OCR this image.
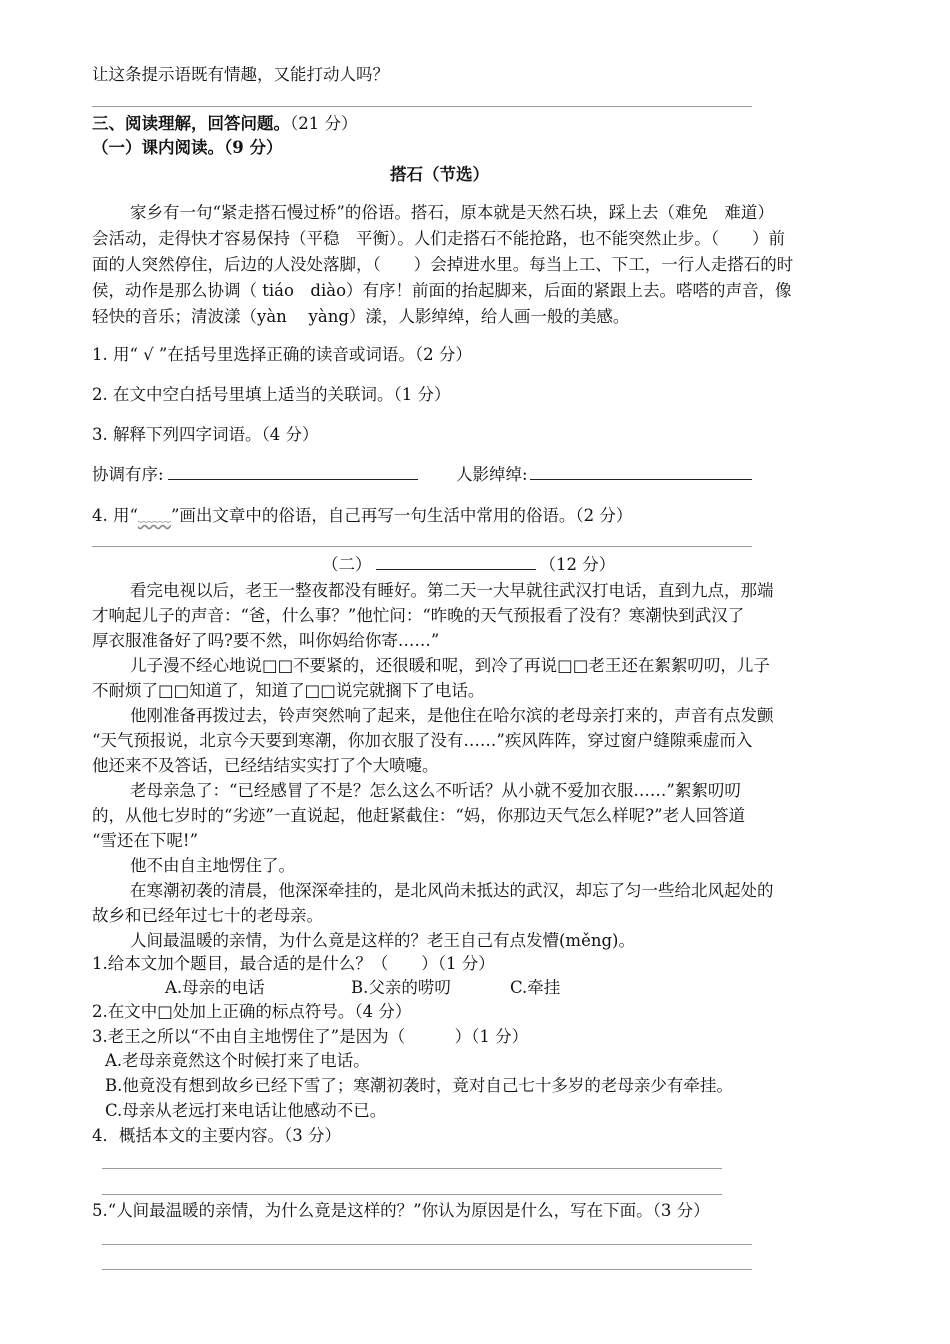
让这条提示语既有情趣，又能打动人吗？
三、阅读理解，回答问题。（21 分）
（一）课内阅读。（9 分）
搭石（节选）
家乡有一句“紧走搭石慢过桥”的俗语。搭石，原本就是天然石块，踩上去（难免　难道）
会活动，走得快才容易保持（平稳　平衡）。人们走搭石不能抢路，也不能突然止步。（　　）前
面的人突然停住，后边的人没处落脚，（　　）会掉进水里。每当上工、下工，一行人走搭石的时
侯，动作是那么协调（ tiáo　diào）有序！前面的抬起脚来，后面的紧跟上去。嗒嗒的声音，像
轻快的音乐；清波漾（yàn　 yàng）漾，人影绰绰，给人画一般的美感。
1. 用“ √ ”在括号里选择正确的读音或词语。（2 分）
2. 在文中空白括号里填上适当的关联词。（1 分）
3. 解释下列四字词语。（4 分）
协调有序:	人影绰绰:
4. 用“﹏﹏”画出文章中的俗语，自己再写一句生活中常用的俗语。（2 分）
（二）	（12 分）
看完电视以后，老王一整夜都没有睡好。第二天一大早就往武汉打电话，直到九点，那端
才响起儿子的声音：“爸，什么事？”他忙问：“昨晚的天气预报看了没有？寒潮快到武汉了
厚衣服准备好了吗?要不然，叫你妈给你寄……”
儿子漫不经心地说□□不要紧的，还很暖和呢，到冷了再说□□老王还在絮絮叨叨，儿子
不耐烦了□□知道了，知道了□□说完就搁下了电话。
他刚准备再拨过去，铃声突然响了起来，是他住在哈尔滨的老母亲打来的，声音有点发颤
“天气预报说，北京今天要到寒潮，你加衣服了没有……”疾风阵阵，穿过窗户缝隙乘虚而入
他还来不及答话，已经结结实实打了个大喷嚏。
老母亲急了：“已经感冒了不是？怎么这么不听话？从小就不爱加衣服……”絮絮叨叨
的，从他七岁时的“劣迹”一直说起，他赶紧截住：“妈，你那边天气怎么样呢?”老人回答道
“雪还在下呢!”
他不由自主地愣住了。
在寒潮初袭的清晨，他深深牵挂的，是北风尚未抵达的武汉，却忘了匀一些给北风起处的
故乡和已经年过七十的老母亲。
人间最温暖的亲情，为什么竟是这样的？老王自己有点发懵(měng)。
1.给本文加个题目，最合适的是什么？（　　）（1 分）
A.母亲的电话	B.父亲的唠叨	C.牵挂
2.在文中□处加上正确的标点符号。（4 分）
3.老王之所以“不由自主地愣住了”是因为（　　　）（1 分）
A.老母亲竟然这个时候打来了电话。
B.他竟没有想到故乡已经下雪了；寒潮初袭时，竟对自己七十多岁的老母亲少有牵挂。
C.母亲从老远打来电话让他感动不已。
4．概括本文的主要内容。（3 分）
5.“人间最温暖的亲情，为什么竟是这样的？”你认为原因是什么，写在下面。（3 分）
